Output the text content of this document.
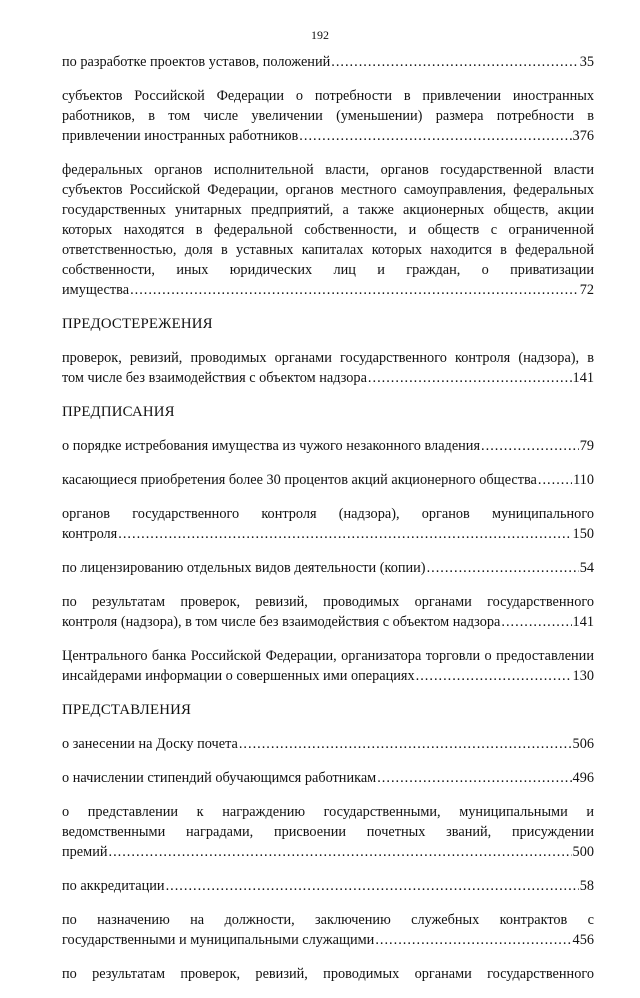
192
по разработке проектов уставов, положений .....	35
субъектов Российской Федерации о потребности в привлечении иностранных работников, в том числе увеличении (уменьшении) размера потребности в
привлечении иностранных работников .....	376
федеральных органов исполнительной власти, органов государственной власти субъектов Российской Федерации, органов местного самоуправления, федеральных государственных унитарных предприятий, а также акционерных обществ, акции которых находятся в федеральной собственности, и обществ с ограниченной ответственностью, доля в уставных капиталах которых находится в федеральной собственности, иных юридических лиц и граждан, о приватизации
имущества .....	72
ПРЕДОСТЕРЕЖЕНИЯ
проверок, ревизий, проводимых органами государственного контроля (надзора), в
том числе без взаимодействия с объектом надзора .....	141
ПРЕДПИСАНИЯ
о порядке истребования имущества из чужого незаконного владения .....	79
касающиеся приобретения более 30 процентов акций акционерного общества .....	110
органов государственного контроля (надзора), органов муниципального
контроля .....	150
по лицензированию отдельных видов деятельности (копии) .....	54
по результатам проверок, ревизий, проводимых органами государственного
контроля (надзора), в том числе без взаимодействия с объектом надзора .....	141
Центрального банка Российской Федерации, организатора торговли о предоставлении
инсайдерами информации о совершенных ими операциях .....	130
ПРЕДСТАВЛЕНИЯ
о занесении на Доску почета .....	506
о начислении стипендий обучающимся работникам .....	496
о представлении к награждению государственными, муниципальными и ведомственными наградами, присвоении почетных званий, присуждении
премий .....	500
по аккредитации .....	58
по назначению на должности, заключению служебных контрактов с
государственными и муниципальными служащими .....	456
по результатам проверок, ревизий, проводимых органами государственного
